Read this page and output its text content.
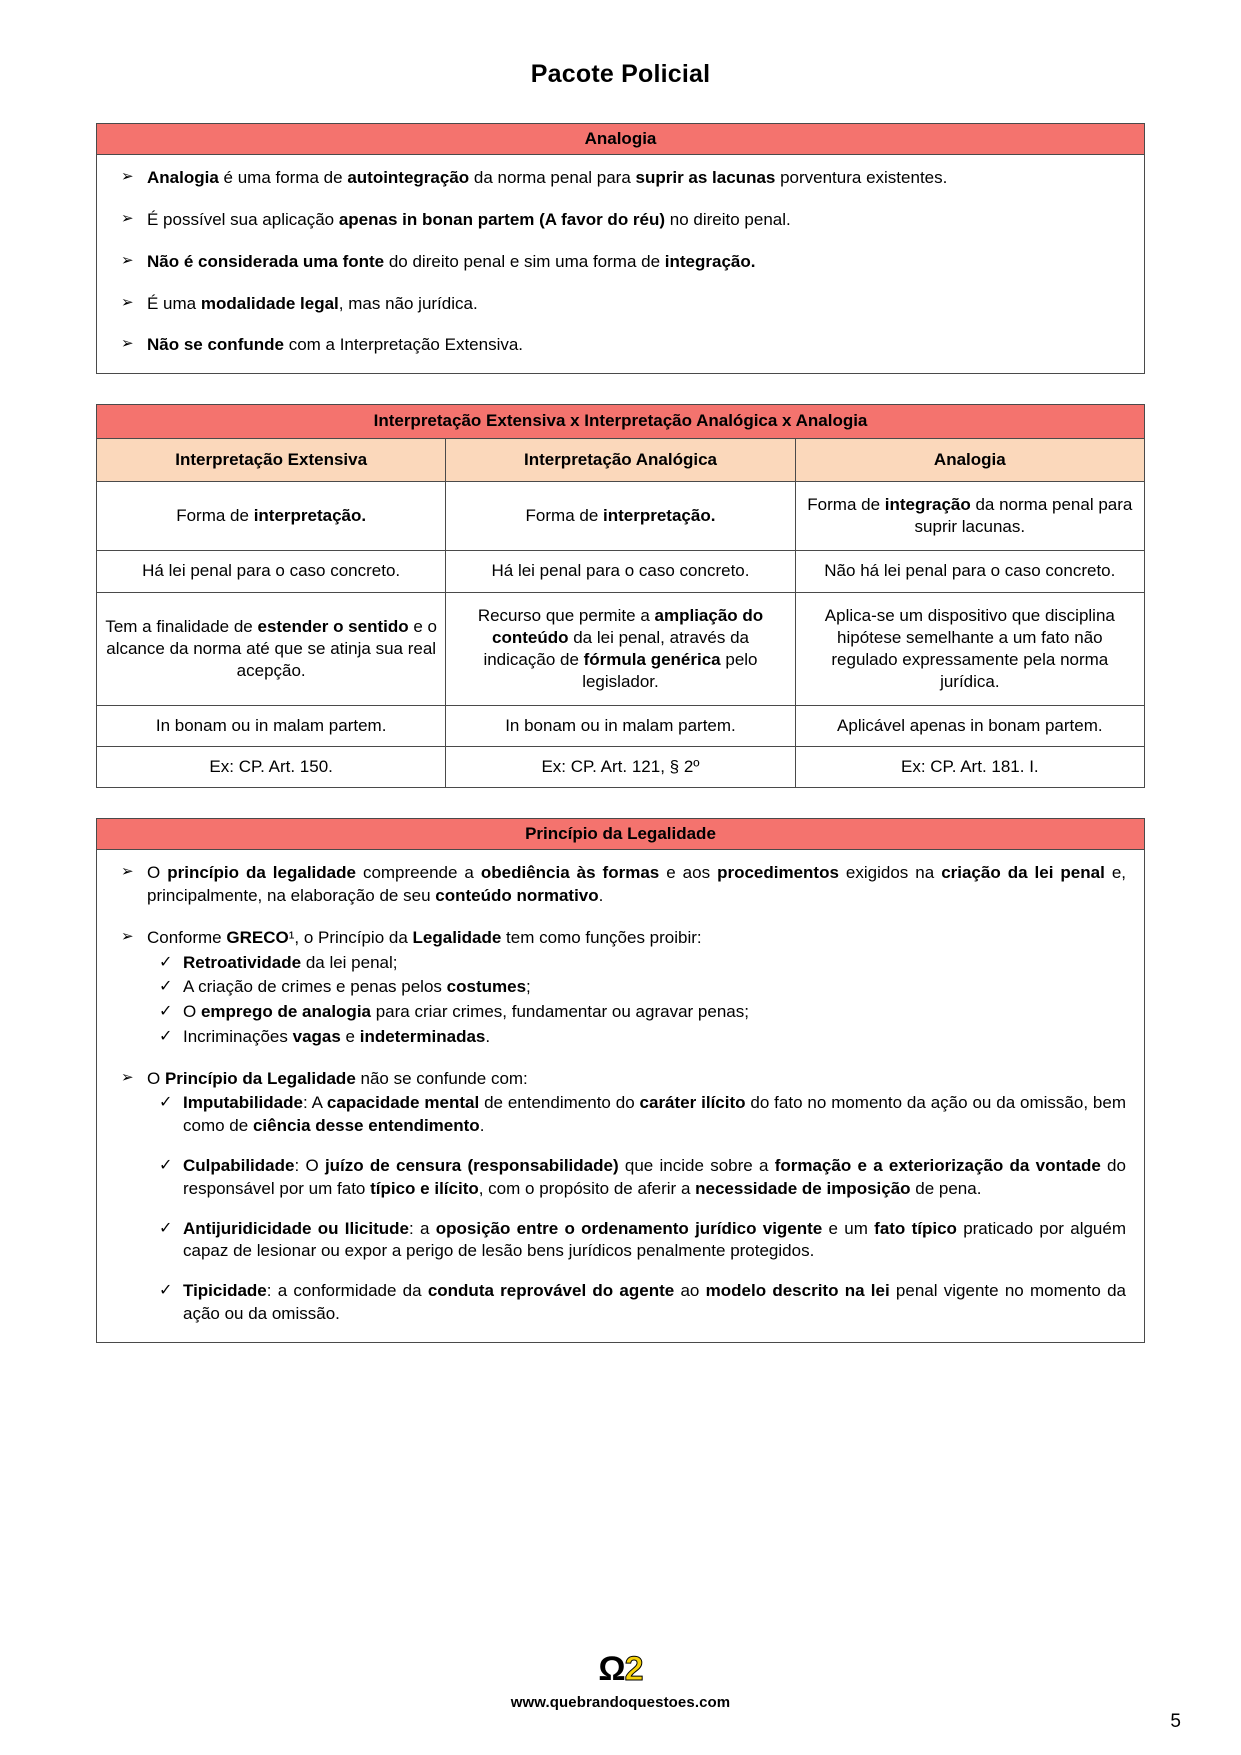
Pacote Policial
Analogia
➢ Analogia é uma forma de autointegração da norma penal para suprir as lacunas porventura existentes.
➢ É possível sua aplicação apenas in bonan partem (A favor do réu) no direito penal.
➢ Não é considerada uma fonte do direito penal e sim uma forma de integração.
➢ É uma modalidade legal, mas não jurídica.
➢ Não se confunde com a Interpretação Extensiva.
Interpretação Extensiva x Interpretação Analógica x Analogia		
Interpretação Extensiva	Interpretação Analógica	Analogia
Forma de interpretação.	Forma de interpretação.	Forma de integração da norma penal para suprir lacunas.
Há lei penal para o caso concreto.	Há lei penal para o caso concreto.	Não há lei penal para o caso concreto.
Tem a finalidade de estender o sentido e o alcance da norma até que se atinja sua real acepção.	Recurso que permite a ampliação do conteúdo da lei penal, através da indicação de fórmula genérica pelo legislador.	Aplica-se um dispositivo que disciplina hipótese semelhante a um fato não regulado expressamente pela norma jurídica.
In bonam ou in malam partem.	In bonam ou in malam partem.	Aplicável apenas in bonam partem.
Ex: CP. Art. 150.	Ex: CP. Art. 121, § 2º	Ex: CP. Art. 181. I.
Princípio da Legalidade
➢ O princípio da legalidade compreende a obediência às formas e aos procedimentos exigidos na criação da lei penal e, principalmente, na elaboração de seu conteúdo normativo.
➢ Conforme GRECO¹, o Princípio da Legalidade tem como funções proibir:
✓ Retroatividade da lei penal;
✓ A criação de crimes e penas pelos costumes;
✓ O emprego de analogia para criar crimes, fundamentar ou agravar penas;
✓ Incriminações vagas e indeterminadas.
➢ O Princípio da Legalidade não se confunde com:
✓ Imputabilidade: A capacidade mental de entendimento do caráter ilícito do fato no momento da ação ou da omissão, bem como de ciência desse entendimento.
✓ Culpabilidade: O juízo de censura (responsabilidade) que incide sobre a formação e a exteriorização da vontade do responsável por um fato típico e ilícito, com o propósito de aferir a necessidade de imposição de pena.
✓ Antijuridicidade ou Ilicitude: a oposição entre o ordenamento jurídico vigente e um fato típico praticado por alguém capaz de lesionar ou expor a perigo de lesão bens jurídicos penalmente protegidos.
✓ Tipicidade: a conformidade da conduta reprovável do agente ao modelo descrito na lei penal vigente no momento da ação ou da omissão.
Ω2
www.quebrandoquestoes.com
5
